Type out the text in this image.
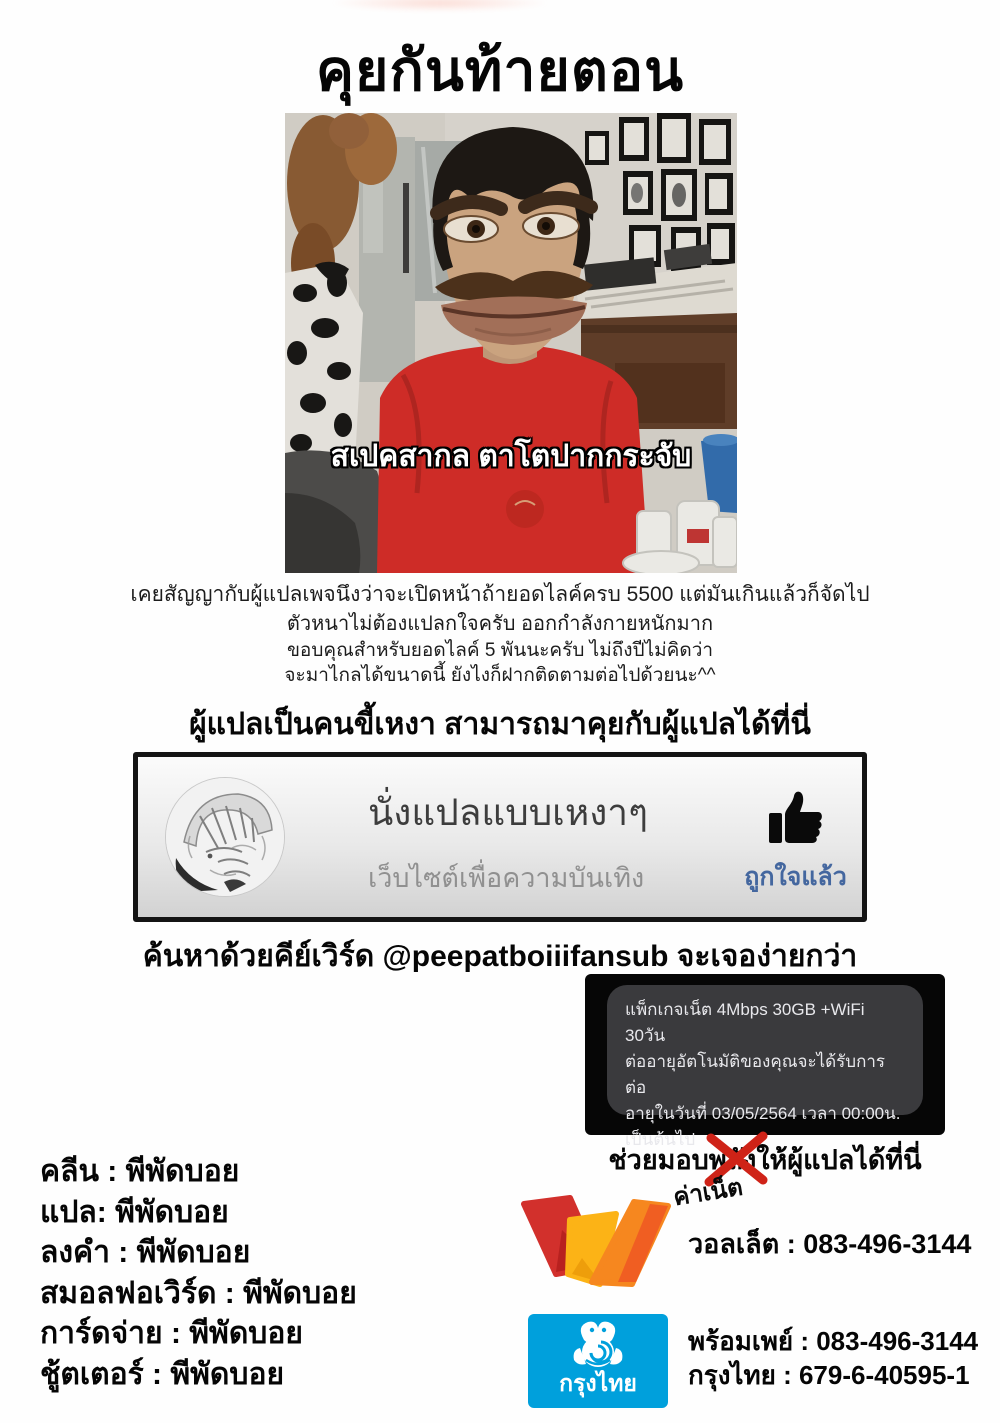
คุยกันท้ายตอน
สเปคสากล ตาโตปากกระจับ
เคยสัญญากับผู้แปลเพจนึงว่าจะเปิดหน้าถ้ายอดไลค์ครบ 5500 แต่มันเกินแล้วก็จัดไป
ตัวหนาไม่ต้องแปลกใจครับ ออกกำลังกายหนักมาก
ขอบคุณสำหรับยอดไลค์ 5 พันนะครับ ไม่ถึงปีไม่คิดว่า
จะมาไกลได้ขนาดนี้ ยังไงก็ฝากติดตามต่อไปด้วยนะ^^
ผู้แปลเป็นคนขี้เหงา สามารถมาคุยกับผู้แปลได้ที่นี่
นั่งแปลแบบเหงาๆ
เว็บไซต์เพื่อความบันเทิง	ถูกใจแล้ว
ค้นหาด้วยคีย์เวิร์ด @peepatboiiifansub จะเจอง่ายกว่า
แพ็กเกจเน็ต 4Mbps 30GB +WiFi 30วัน
ต่ออายุอัตโนมัติของคุณจะได้รับการต่อ
อายุในวันที่ 03/05/2564 เวลา 00:00น.
เป็นต้นไป
ช่วยมอบพลัง
ให้ผู้แปลได้ที่นี่
ค่าเน็ต
คลีน : พีพัดบอย
แปล: พีพัดบอย
ลงคำ : พีพัดบอย
สมอลฟอเวิร์ด : พีพัดบอย
การ์ดจ่าย : พีพัดบอย
ชู้ตเตอร์ : พีพัดบอย
วอลเล็ต : 083-496-3144
กรุงไทย
พร้อมเพย์ : 083-496-3144
กรุงไทย : 679-6-40595-1
